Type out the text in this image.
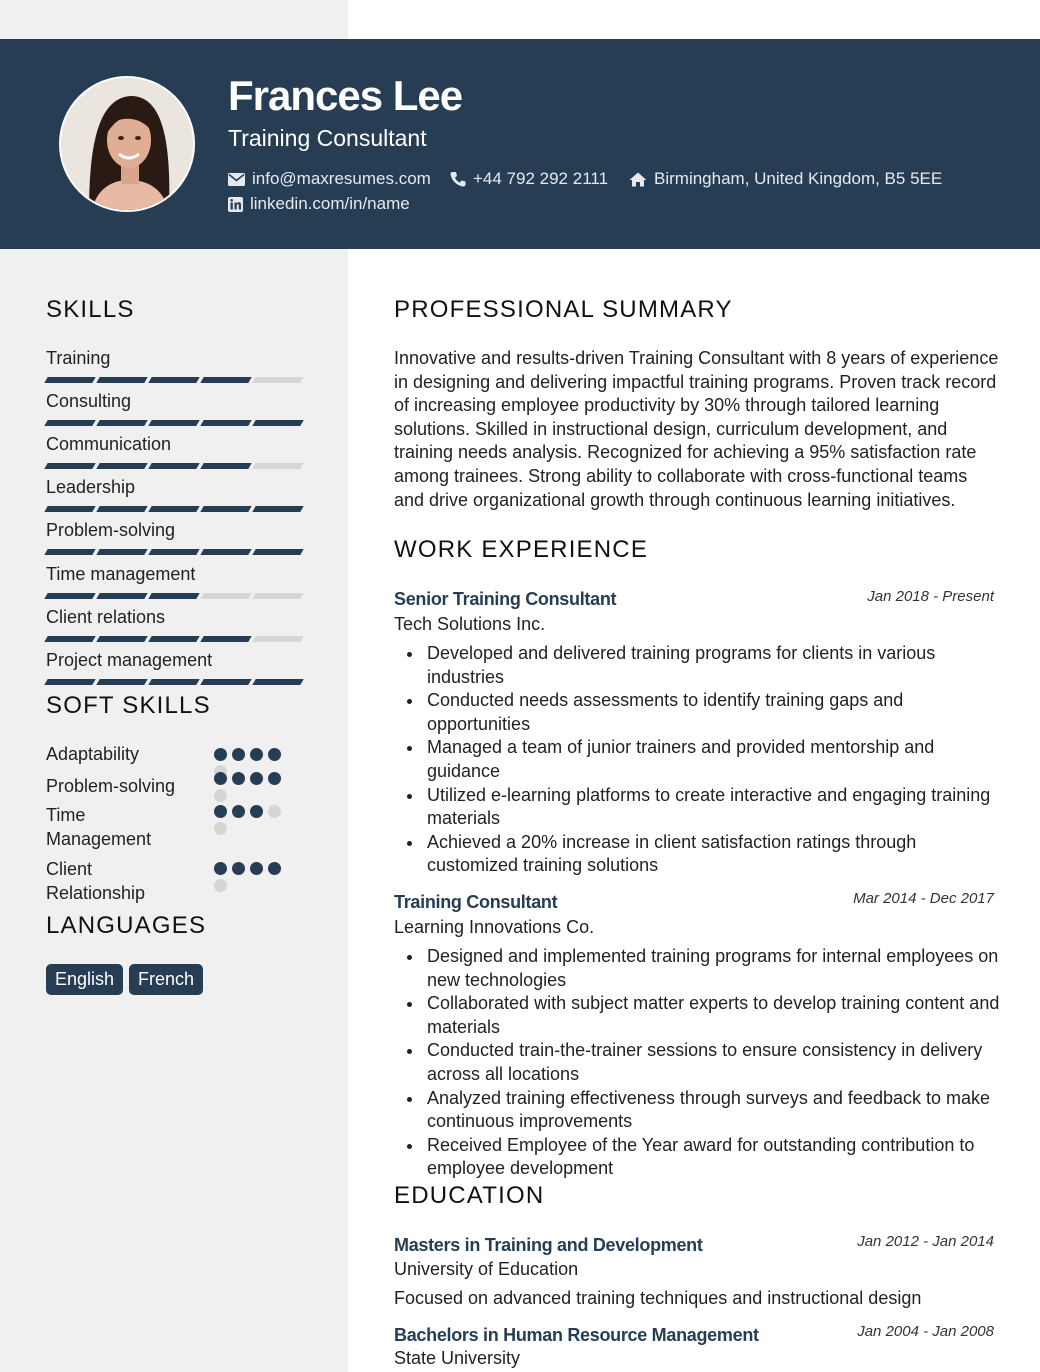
Frances Lee
Training Consultant
info@maxresumes.com +44 792 292 2111	Birmingham, United Kingdom, B5 5EE
linkedin.com/in/name
SKILLS
Training
Consulting
Communication
Leadership
Problem-solving
Time management
Client relations
Project management
SOFT SKILLS
Adaptability
Problem-solving
Time Management
Client Relationship
LANGUAGES
English	French
PROFESSIONAL SUMMARY
Innovative and results-driven Training Consultant with 8 years of experience in designing and delivering impactful training programs. Proven track record of increasing employee productivity by 30% through tailored learning solutions. Skilled in instructional design, curriculum development, and training needs analysis. Recognized for achieving a 95% satisfaction rate among trainees. Strong ability to collaborate with cross-functional teams and drive organizational growth through continuous learning initiatives.
WORK EXPERIENCE
Senior Training Consultant	Jan 2018 - Present
Tech Solutions Inc.
Developed and delivered training programs for clients in various industries
Conducted needs assessments to identify training gaps and opportunities
Managed a team of junior trainers and provided mentorship and guidance
Utilized e-learning platforms to create interactive and engaging training materials
Achieved a 20% increase in client satisfaction ratings through customized training solutions
Training Consultant	Mar 2014 - Dec 2017
Learning Innovations Co.
Designed and implemented training programs for internal employees on new technologies
Collaborated with subject matter experts to develop training content and materials
Conducted train-the-trainer sessions to ensure consistency in delivery across all locations
Analyzed training effectiveness through surveys and feedback to make continuous improvements
Received Employee of the Year award for outstanding contribution to employee development
EDUCATION
Masters in Training and Development	Jan 2012 - Jan 2014
University of Education
Focused on advanced training techniques and instructional design
Bachelors in Human Resource Management	Jan 2004 - Jan 2008
State University
